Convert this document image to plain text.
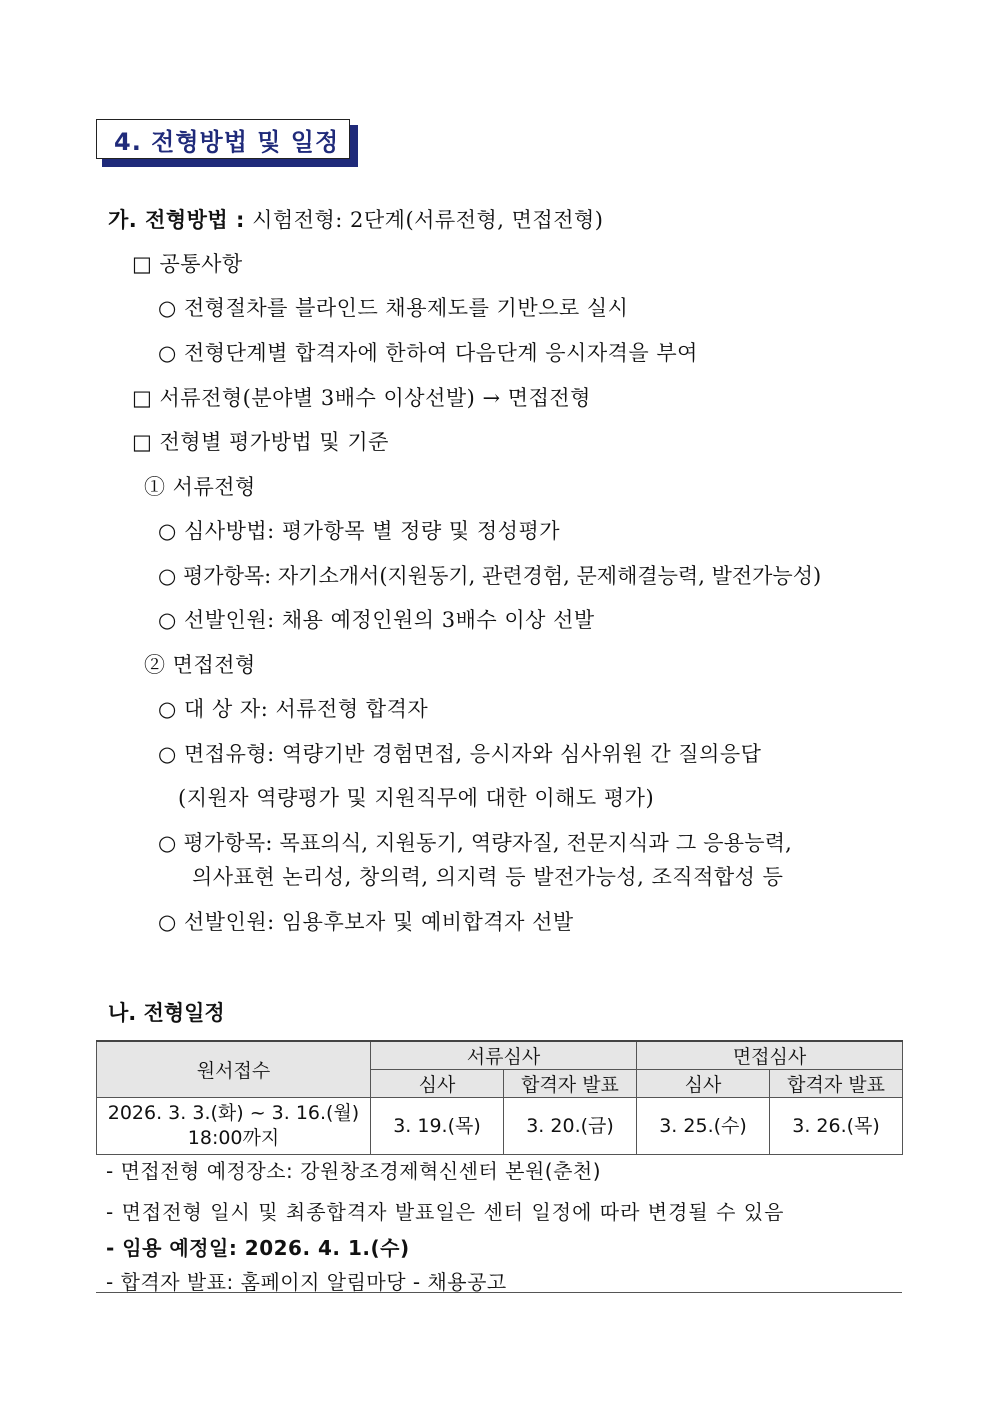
4. 전형방법 및 일정
가. 전형방법 : 시험전형: 2단계(서류전형, 면접전형)
□ 공통사항
○ 전형절차를 블라인드 채용제도를 기반으로 실시
○ 전형단계별 합격자에 한하여 다음단계 응시자격을 부여
□ 서류전형(분야별 3배수 이상선발) → 면접전형
□ 전형별 평가방법 및 기준
① 서류전형
○ 심사방법: 평가항목 별 정량 및 정성평가
○ 평가항목: 자기소개서(지원동기, 관련경험, 문제해결능력, 발전가능성)
○ 선발인원: 채용 예정인원의 3배수 이상 선발
② 면접전형
○ 대 상 자: 서류전형 합격자
○ 면접유형: 역량기반 경험면접, 응시자와 심사위원 간 질의응답
(지원자 역량평가 및 지원직무에 대한 이해도 평가)
○ 평가항목: 목표의식, 지원동기, 역량자질, 전문지식과 그 응용능력,
의사표현 논리성, 창의력, 의지력 등 발전가능성, 조직적합성 등
○ 선발인원: 임용후보자 및 예비합격자 선발
나. 전형일정
원서접수	서류심사		면접심사	
	심사	합격자 발표	심사	합격자 발표

2026. 3. 3.(화) ~ 3. 16.(월)
18:00까지	3. 19.(목)	3. 20.(금)	3. 25.(수)	3. 26.(목)
- 면접전형 예정장소: 강원창조경제혁신센터 본원(춘천)
- 면접전형 일시 및 최종합격자 발표일은 센터 일정에 따라 변경될 수 있음
- 임용 예정일: 2026. 4. 1.(수)
- 합격자 발표: 홈페이지 알림마당 - 채용공고
